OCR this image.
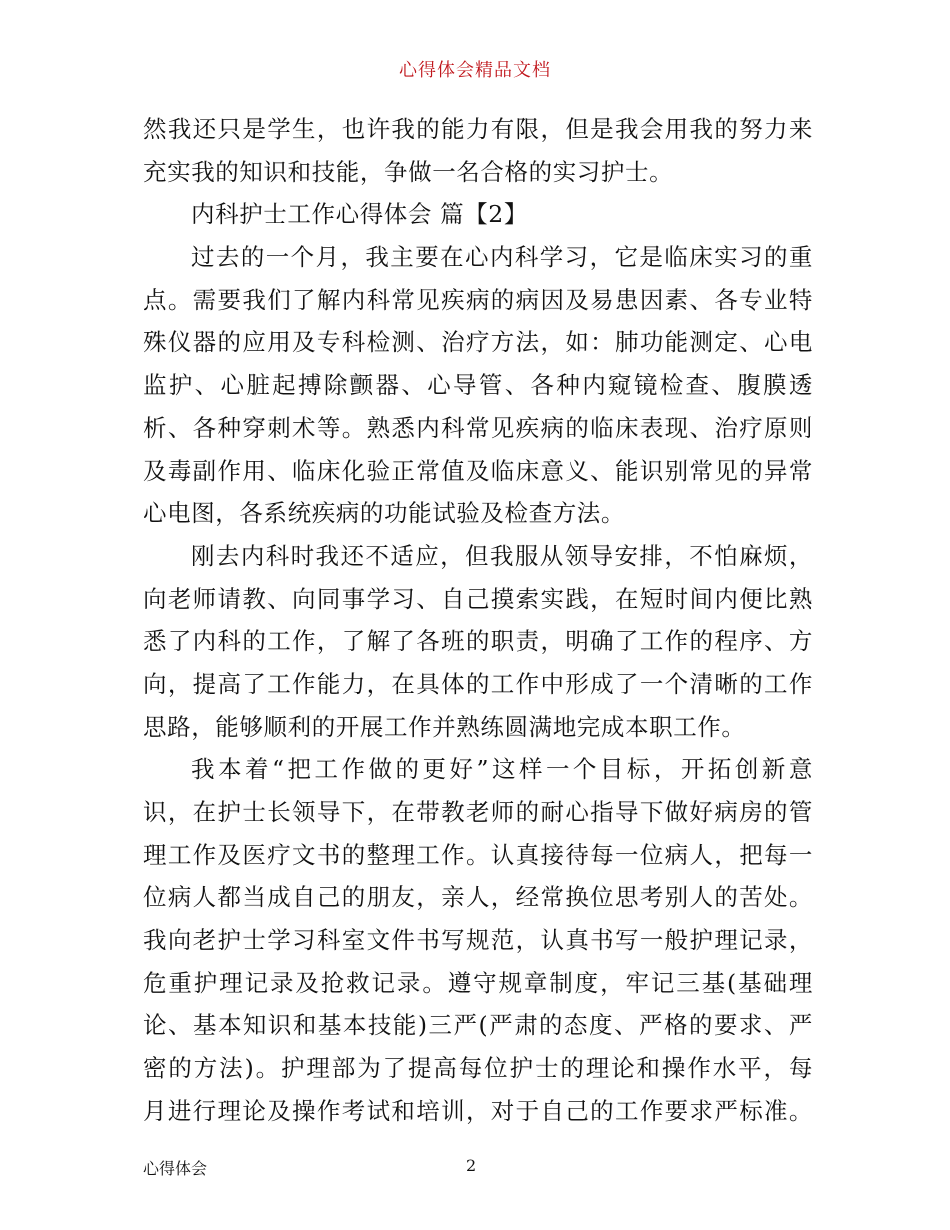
心得体会精品文档
然我还只是学生，也许我的能力有限，但是我会用我的努力来
充实我的知识和技能，争做一名合格的实习护士。
内科护士工作心得体会 篇【2】
过去的一个月，我主要在心内科学习，它是临床实习的重
点。需要我们了解内科常见疾病的病因及易患因素、各专业特
殊仪器的应用及专科检测、治疗方法，如：肺功能测定、心电
监护、心脏起搏除颤器、心导管、各种内窥镜检查、腹膜透
析、各种穿刺术等。熟悉内科常见疾病的临床表现、治疗原则
及毒副作用、临床化验正常值及临床意义、能识别常见的异常
心电图，各系统疾病的功能试验及检查方法。
刚去内科时我还不适应，但我服从领导安排，不怕麻烦，
向老师请教、向同事学习、自己摸索实践，在短时间内便比熟
悉了内科的工作，了解了各班的职责，明确了工作的程序、方
向，提高了工作能力，在具体的工作中形成了一个清晰的工作
思路，能够顺利的开展工作并熟练圆满地完成本职工作。
我本着“把工作做的更好”这样一个目标，开拓创新意
识，在护士长领导下，在带教老师的耐心指导下做好病房的管
理工作及医疗文书的整理工作。认真接待每一位病人，把每一
位病人都当成自己的朋友，亲人，经常换位思考别人的苦处。
我向老护士学习科室文件书写规范，认真书写一般护理记录，
危重护理记录及抢救记录。遵守规章制度，牢记三基(基础理
论、基本知识和基本技能)三严(严肃的态度、严格的要求、严
密的方法)。护理部为了提高每位护士的理论和操作水平，每
月进行理论及操作考试和培训，对于自己的工作要求严标准。
心得体会	2
